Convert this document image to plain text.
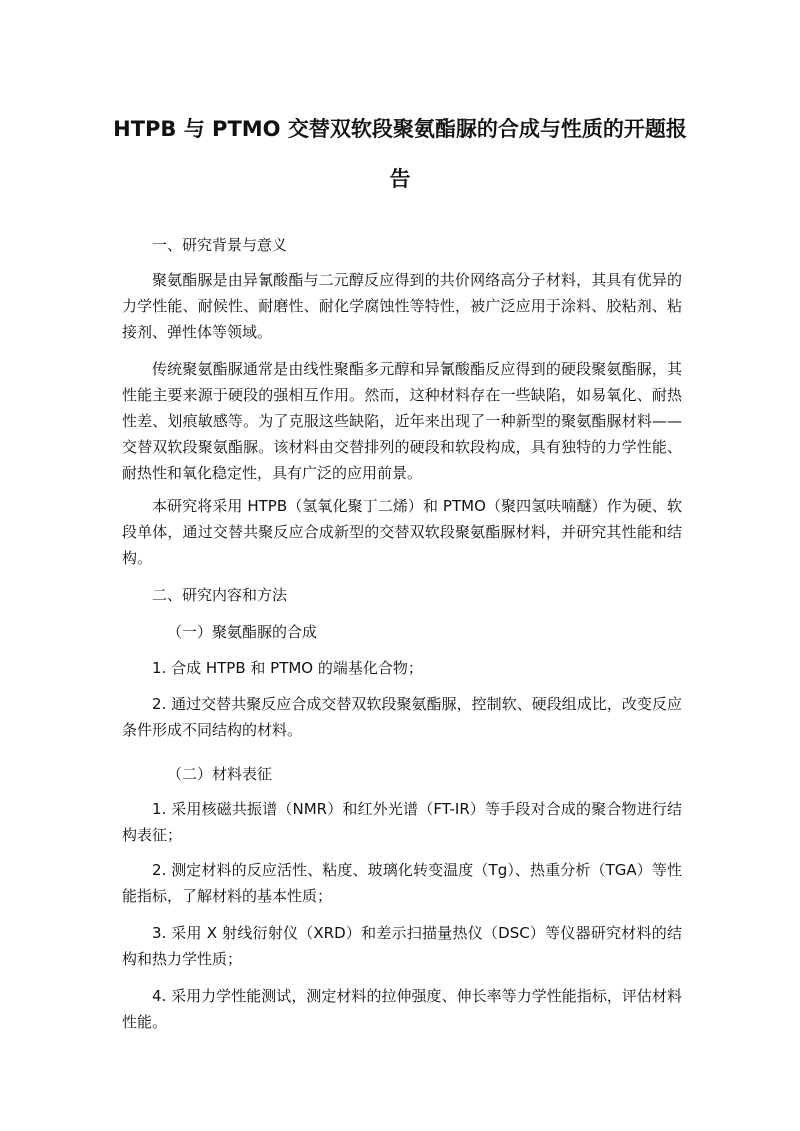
HTPB 与 PTMO 交替双软段聚氨酯脲的合成与性质的开题报告

一、研究背景与意义

聚氨酯脲是由异氰酸酯与二元醇反应得到的共价网络高分子材料，其具有优异的力学性能、耐候性、耐磨性、耐化学腐蚀性等特性，被广泛应用于涂料、胶粘剂、粘接剂、弹性体等领域。

传统聚氨酯脲通常是由线性聚酯多元醇和异氰酸酯反应得到的硬段聚氨酯脲，其性能主要来源于硬段的强相互作用。然而，这种材料存在一些缺陷，如易氧化、耐热性差、划痕敏感等。为了克服这些缺陷，近年来出现了一种新型的聚氨酯脲材料——交替双软段聚氨酯脲。该材料由交替排列的硬段和软段构成，具有独特的力学性能、耐热性和氧化稳定性，具有广泛的应用前景。

本研究将采用 HTPB（氢氧化聚丁二烯）和 PTMO（聚四氢呋喃醚）作为硬、软段单体，通过交替共聚反应合成新型的交替双软段聚氨酯脲材料，并研究其性能和结构。

二、研究内容和方法

（一）聚氨酯脲的合成

1. 合成 HTPB 和 PTMO 的端基化合物；

2. 通过交替共聚反应合成交替双软段聚氨酯脲，控制软、硬段组成比，改变反应条件形成不同结构的材料。

（二）材料表征

1. 采用核磁共振谱（NMR）和红外光谱（FT-IR）等手段对合成的聚合物进行结构表征；

2. 测定材料的反应活性、粘度、玻璃化转变温度（Tg）、热重分析（TGA）等性能指标，了解材料的基本性质；

3. 采用 X 射线衍射仪（XRD）和差示扫描量热仪（DSC）等仪器研究材料的结构和热力学性质；

4. 采用力学性能测试，测定材料的拉伸强度、伸长率等力学性能指标，评估材料性能。
